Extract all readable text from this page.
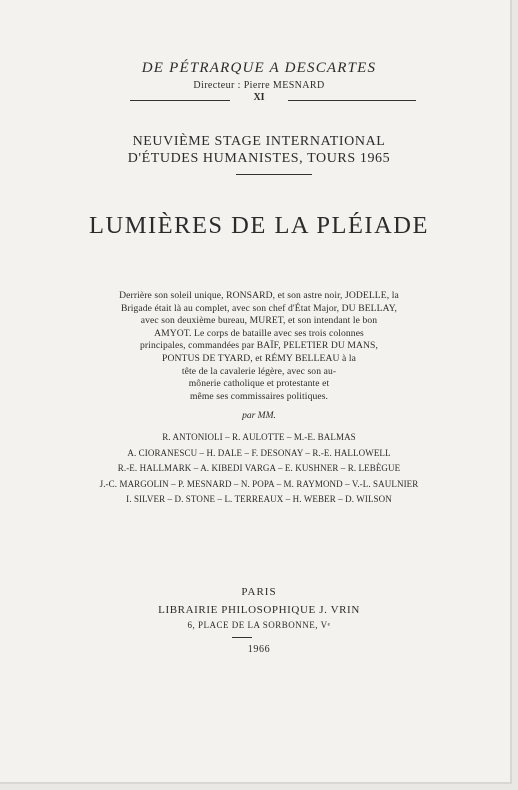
DE PÉTRARQUE A DESCARTES
Directeur : Pierre MESNARD
XI
NEUVIÈME STAGE INTERNATIONAL
D'ÉTUDES HUMANISTES, TOURS 1965
LUMIÈRES DE LA PLÉIADE
Derrière son soleil unique, RONSARD, et son astre noir, JODELLE, la
Brigade était là au complet, avec son chef d'État Major, DU BELLAY,
avec son deuxième bureau, MURET, et son intendant le bon
AMYOT. Le corps de bataille avec ses trois colonnes
principales, commandées par BAÏF, PELETIER DU MANS,
PONTUS DE TYARD, et RÉMY BELLEAU à la
tête de la cavalerie légère, avec son au-
mônerie catholique et protestante et
même ses commissaires politiques.
par MM.
R. ANTONIOLI – R. AULOTTE – M.-E. BALMAS
A. CIORANESCU – H. DALE – F. DESONAY – R.-E. HALLOWELL
R.-E. HALLMARK – A. KIBEDI VARGA – E. KUSHNER – R. LEBÈGUE
J.-C. MARGOLIN – P. MESNARD – N. POPA – M. RAYMOND – V.-L. SAULNIER
I. SILVER – D. STONE – L. TERREAUX – H. WEBER – D. WILSON
PARIS
LIBRAIRIE PHILOSOPHIQUE J. VRIN
6, PLACE DE LA SORBONNE, Vᵉ
1966
